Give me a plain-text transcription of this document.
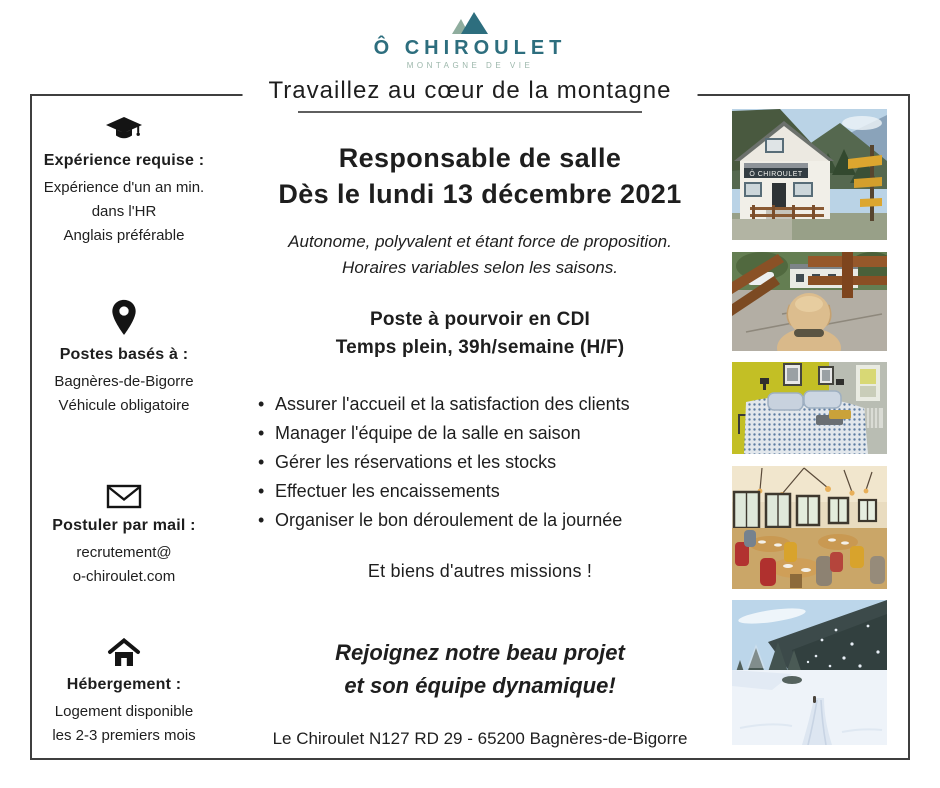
Ô CHIROULET
MONTAGNE DE VIE
Travaillez au cœur de la montagne
Expérience requise :

Expérience d'un an min.

dans l'HR

Anglais préférable

Postes basés à :

Bagnères-de-Bigorre

Véhicule obligatoire

Postuler par mail :

recrutement@

o-chiroulet.com

Hébergement :

Logement disponible

les 2-3 premiers mois

Responsable de salle
Dès le lundi 13 décembre 2021

Autonome, polyvalent et étant force de proposition.
Horaires variables selon les saisons.

Poste à pourvoir en CDI
Temps plein, 39h/semaine (H/F)
• Assurer l'accueil et la satisfaction des clients
• Manager l'équipe de la salle en saison
• Gérer les réservations et les stocks
• Effectuer les encaissements
• Organiser le bon déroulement de la journée

Et biens d'autres missions !

Rejoignez notre beau projet
et son équipe dynamique!

Le Chiroulet N127 RD 29 - 65200 Bagnères-de-Bigorre

Ô CHIROULET
